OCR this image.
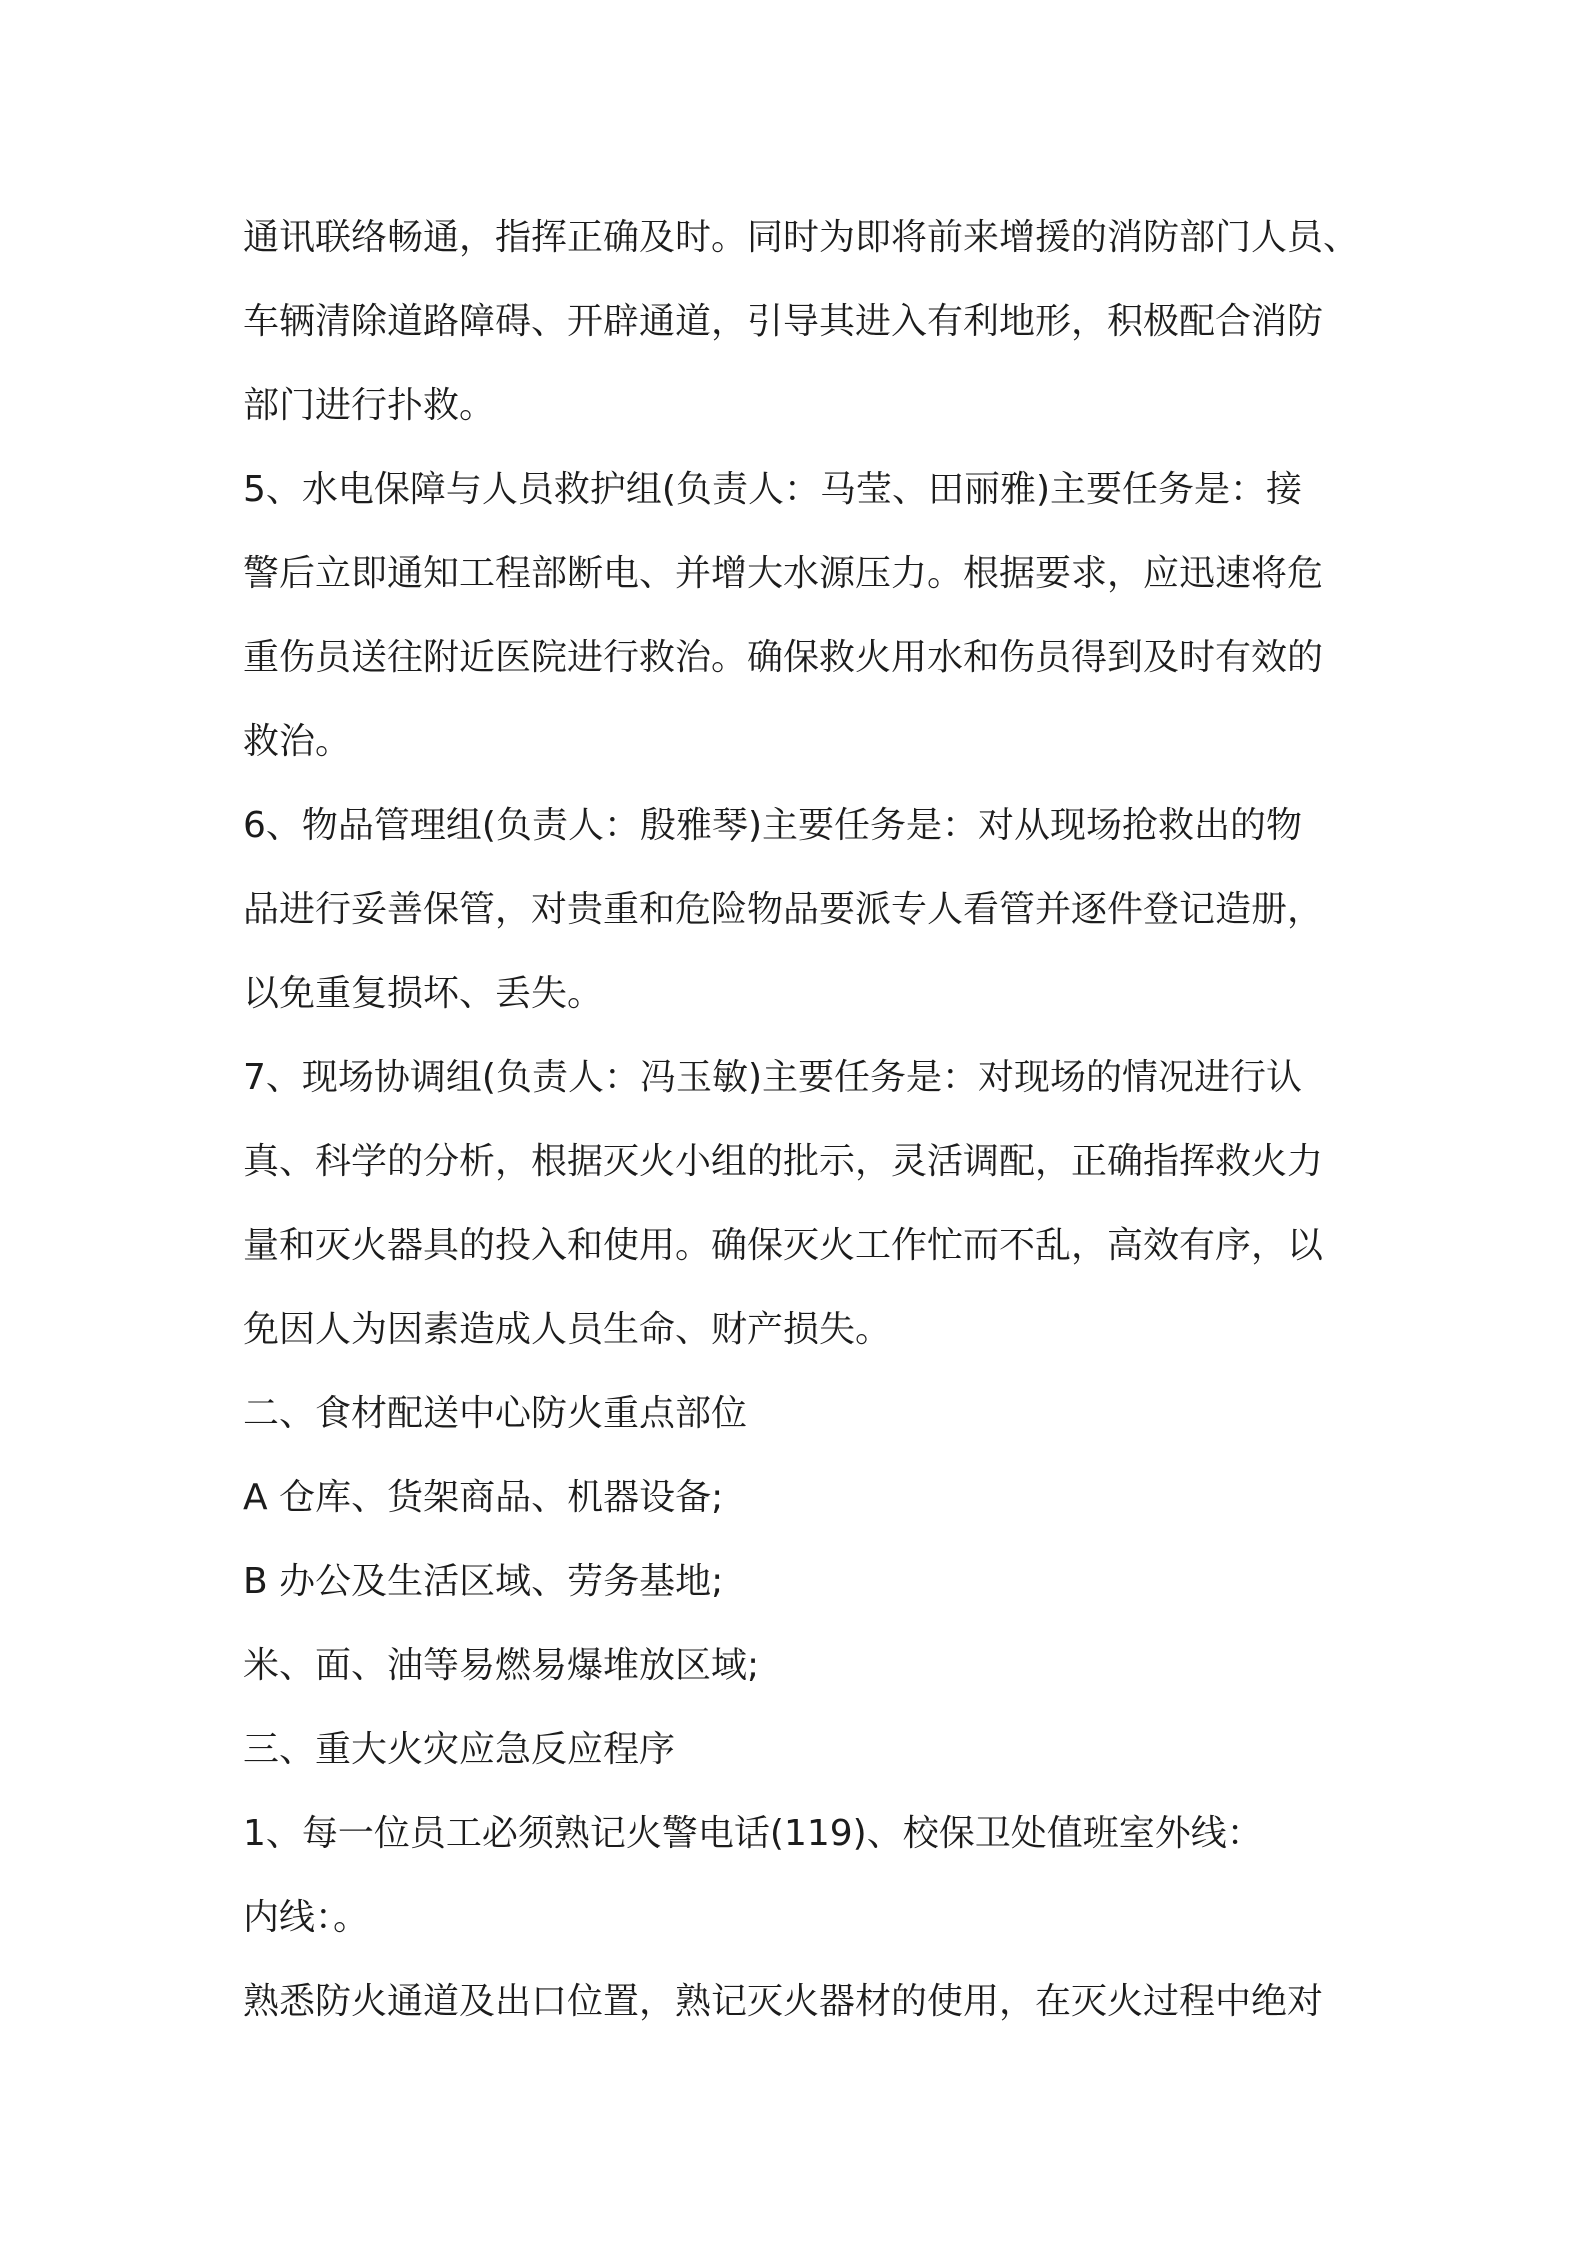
通讯联络畅通，指挥正确及时。同时为即将前来增援的消防部门人员、
车辆清除道路障碍、开辟通道，引导其进入有利地形，积极配合消防
部门进行扑救。
5、水电保障与人员救护组(负责人：马莹、田丽雅)主要任务是：接
警后立即通知工程部断电、并增大水源压力。根据要求，应迅速将危
重伤员送往附近医院进行救治。确保救火用水和伤员得到及时有效的
救治。
6、物品管理组(负责人：殷雅琴)主要任务是：对从现场抢救出的物
品进行妥善保管，对贵重和危险物品要派专人看管并逐件登记造册，
以免重复损坏、丢失。
7、现场协调组(负责人：冯玉敏)主要任务是：对现场的情况进行认
真、科学的分析，根据灭火小组的批示，灵活调配，正确指挥救火力
量和灭火器具的投入和使用。确保灭火工作忙而不乱，高效有序，以
免因人为因素造成人员生命、财产损失。
二、食材配送中心防火重点部位
A 仓库、货架商品、机器设备;
B 办公及生活区域、劳务基地;
米、面、油等易燃易爆堆放区域;
三、重大火灾应急反应程序
1、每一位员工必须熟记火警电话(119)、校保卫处值班室外线：
内线：。
熟悉防火通道及出口位置，熟记灭火器材的使用，在灭火过程中绝对
